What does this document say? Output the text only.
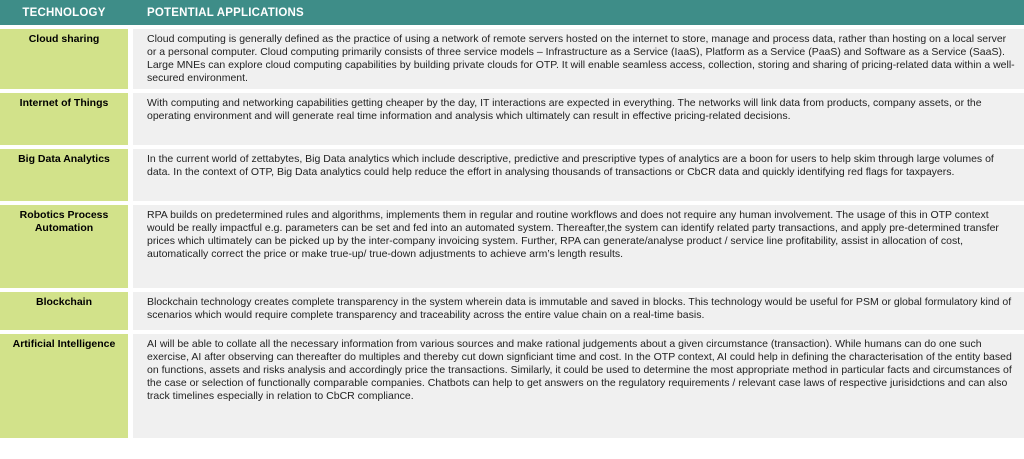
TECHNOLOGY		POTENTIAL APPLICATIONS

Cloud sharing		Cloud computing is generally defined as the practice of using a network of remote servers hosted on the internet to store, manage and process data, rather than hosting on a local server or a personal computer. Cloud computing primarily consists of three service models – Infrastructure as a Service (IaaS), Platform as a Service (PaaS) and Software as a Service (SaaS). Large MNEs can explore cloud computing capabilities by building private clouds for OTP. It will enable seamless access, collection, storing and sharing of pricing-related data within a well-secured environment.

Internet of Things		With computing and networking capabilities getting cheaper by the day, IT interactions are expected in everything. The networks will link data from products, company assets, or the operating environment and will generate real time information and analysis which ultimately can result in effective pricing-related decisions.

Big Data Analytics		In the current world of zettabytes, Big Data analytics which include descriptive, predictive and prescriptive types of analytics are a boon for users to help skim through large volumes of data. In the context of OTP, Big Data analytics could help reduce the effort in analysing thousands of transactions or CbCR data and quickly identifying red flags for taxpayers.

Robotics Process Automation		RPA builds on predetermined rules and algorithms, implements them in regular and routine workflows and does not require any human involvement. The usage of this in OTP context would be really impactful e.g. parameters can be set and fed into an automated system. Thereafter,the system can identify related party transactions, and apply pre-determined transfer prices which ultimately can be picked up by the inter-company invoicing system. Further, RPA can generate/analyse product / service line profitability, assist in allocation of cost, automatically correct the price or make true-up/ true-down adjustments to achieve arm’s length results.

Blockchain		Blockchain technology creates complete transparency in the system wherein data is immutable and saved in blocks. This technology would be useful for PSM or global formulatory kind of scenarios which would require complete transparency and traceability across the entire value chain on a real-time basis.

Artificial Intelligence		AI will be able to collate all the necessary information from various sources and make rational judgements about a given circumstance (transaction). While humans can do one such exercise, AI after observing can thereafter do multiples and thereby cut down signficiant time and cost. In the OTP context, AI could help in defining the characterisation of the entity based on functions, assets and risks analysis and accordingly price the transactions. Similarly, it could be used to determine the most appropriate method in particular facts and circumstances of the case or selection of functionally comparable companies. Chatbots can help to get answers on the regulatory requirements / relevant case laws of respective jurisidctions and can also track timelines especially in relation to CbCR compliance.
